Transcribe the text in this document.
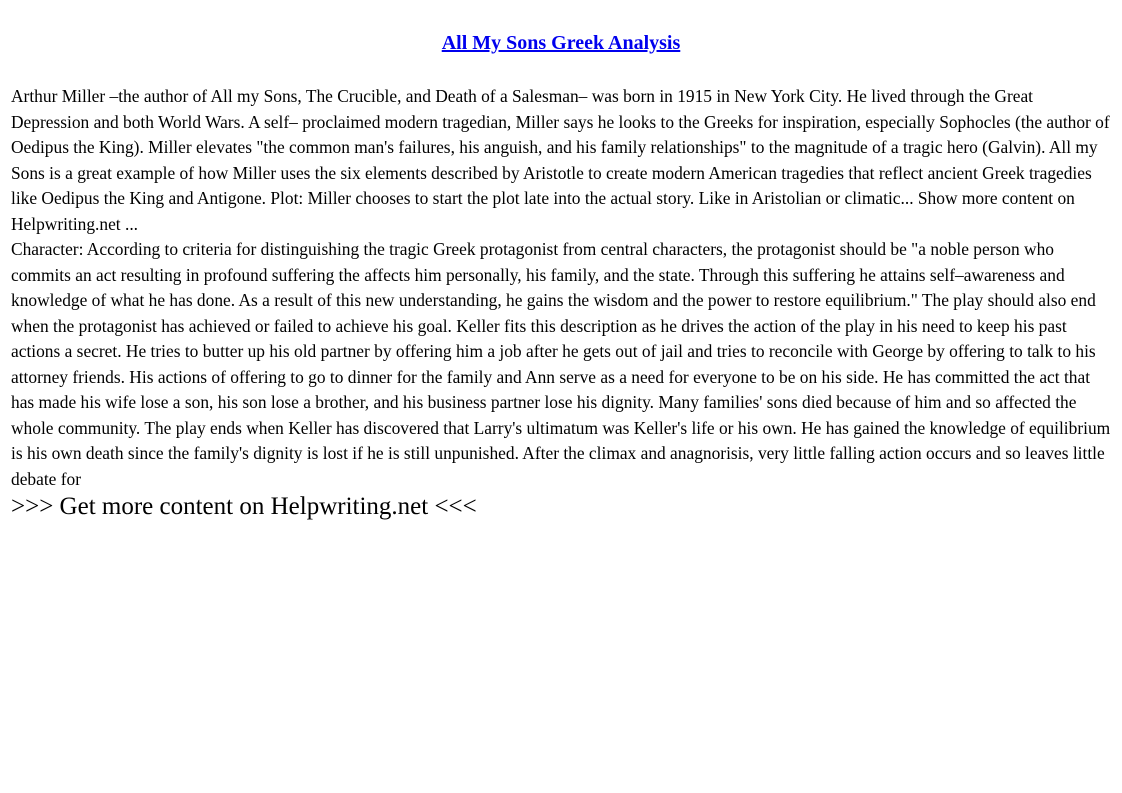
All My Sons Greek Analysis

Arthur Miller –the author of All my Sons, The Crucible, and Death of a Salesman– was born in 1915 in New York City. He lived through the Great Depression and both World Wars. A self– proclaimed modern tragedian, Miller says he looks to the Greeks for inspiration, especially Sophocles (the author of Oedipus the King). Miller elevates "the common man's failures, his anguish, and his family relationships" to the magnitude of a tragic hero (Galvin). All my Sons is a great example of how Miller uses the six elements described by Aristotle to create modern American tragedies that reflect ancient Greek tragedies like Oedipus the King and Antigone. Plot: Miller chooses to start the plot late into the actual story. Like in Aristolian or climatic... Show more content on Helpwriting.net ...

Character: According to criteria for distinguishing the tragic Greek protagonist from central characters, the protagonist should be "a noble person who commits an act resulting in profound suffering the affects him personally, his family, and the state. Through this suffering he attains self–awareness and knowledge of what he has done. As a result of this new understanding, he gains the wisdom and the power to restore equilibrium." The play should also end when the protagonist has achieved or failed to achieve his goal. Keller fits this description as he drives the action of the play in his need to keep his past actions a secret. He tries to butter up his old partner by offering him a job after he gets out of jail and tries to reconcile with George by offering to talk to his attorney friends. His actions of offering to go to dinner for the family and Ann serve as a need for everyone to be on his side. He has committed the act that has made his wife lose a son, his son lose a brother, and his business partner lose his dignity. Many families' sons died because of him and so affected the whole community. The play ends when Keller has discovered that Larry's ultimatum was Keller's life or his own. He has gained the knowledge of equilibrium is his own death since the family's dignity is lost if he is still unpunished. After the climax and anagnorisis, very little falling action occurs and so leaves little debate for

>>> Get more content on Helpwriting.net <<<
